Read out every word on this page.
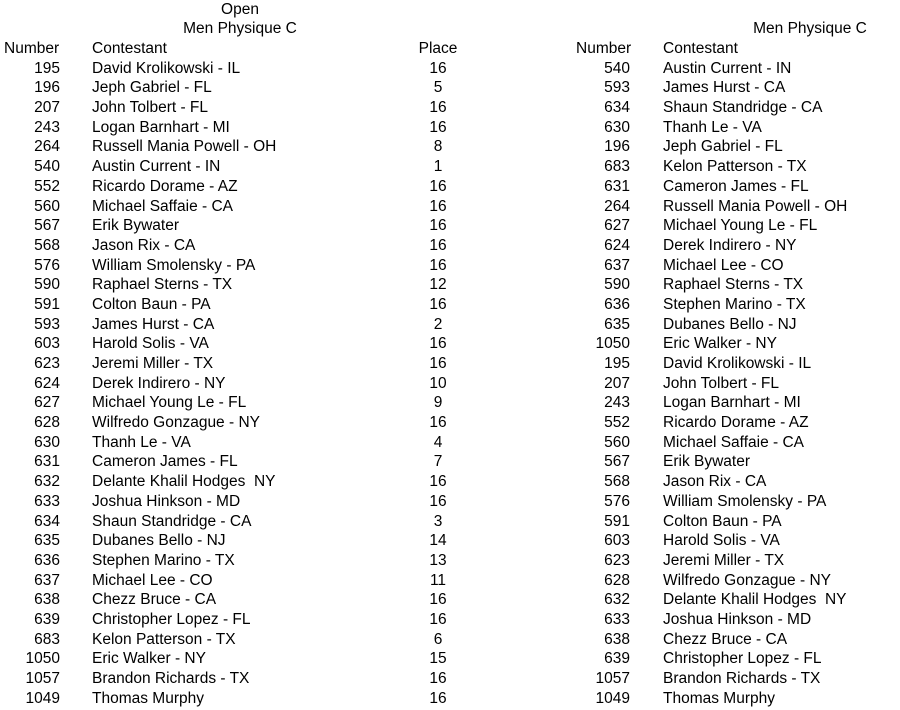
Open
Men Physique C
Number
195
196
207
243
264
540
552
560
567
568
576
590
591
593
603
623
624
627
628
630
631
632
633
634
635
636
637
638
639
683
1050
1057
1049
Contestant
David Krolikowski - IL
Jeph Gabriel - FL
John Tolbert - FL
Logan Barnhart - MI
Russell Mania Powell - OH
Austin Current - IN
Ricardo Dorame - AZ
Michael Saffaie - CA
Erik Bywater
Jason Rix - CA
William Smolensky - PA
Raphael Sterns - TX
Colton Baun - PA
James Hurst - CA
Harold Solis - VA
Jeremi Miller - TX
Derek Indirero - NY
Michael Young Le - FL
Wilfredo Gonzague - NY
Thanh Le - VA
Cameron James - FL
Delante Khalil Hodges  NY
Joshua Hinkson - MD
Shaun Standridge - CA
Dubanes Bello - NJ
Stephen Marino - TX
Michael Lee - CO
Chezz Bruce - CA
Christopher Lopez - FL
Kelon Patterson - TX
Eric Walker - NY
Brandon Richards - TX
Thomas Murphy
Place
16
5
16
16
8
1
16
16
16
16
16
12
16
2
16
16
10
9
16
4
7
16
16
3
14
13
11
16
16
6
15
16
16
Men Physique C
Number
540
593
634
630
196
683
631
264
627
624
637
590
636
635
1050
195
207
243
552
560
567
568
576
591
603
623
628
632
633
638
639
1057
1049
Contestant
Austin Current - IN
James Hurst - CA
Shaun Standridge - CA
Thanh Le - VA
Jeph Gabriel - FL
Kelon Patterson - TX
Cameron James - FL
Russell Mania Powell - OH
Michael Young Le - FL
Derek Indirero - NY
Michael Lee - CO
Raphael Sterns - TX
Stephen Marino - TX
Dubanes Bello - NJ
Eric Walker - NY
David Krolikowski - IL
John Tolbert - FL
Logan Barnhart - MI
Ricardo Dorame - AZ
Michael Saffaie - CA
Erik Bywater
Jason Rix - CA
William Smolensky - PA
Colton Baun - PA
Harold Solis - VA
Jeremi Miller - TX
Wilfredo Gonzague - NY
Delante Khalil Hodges  NY
Joshua Hinkson - MD
Chezz Bruce - CA
Christopher Lopez - FL
Brandon Richards - TX
Thomas Murphy
